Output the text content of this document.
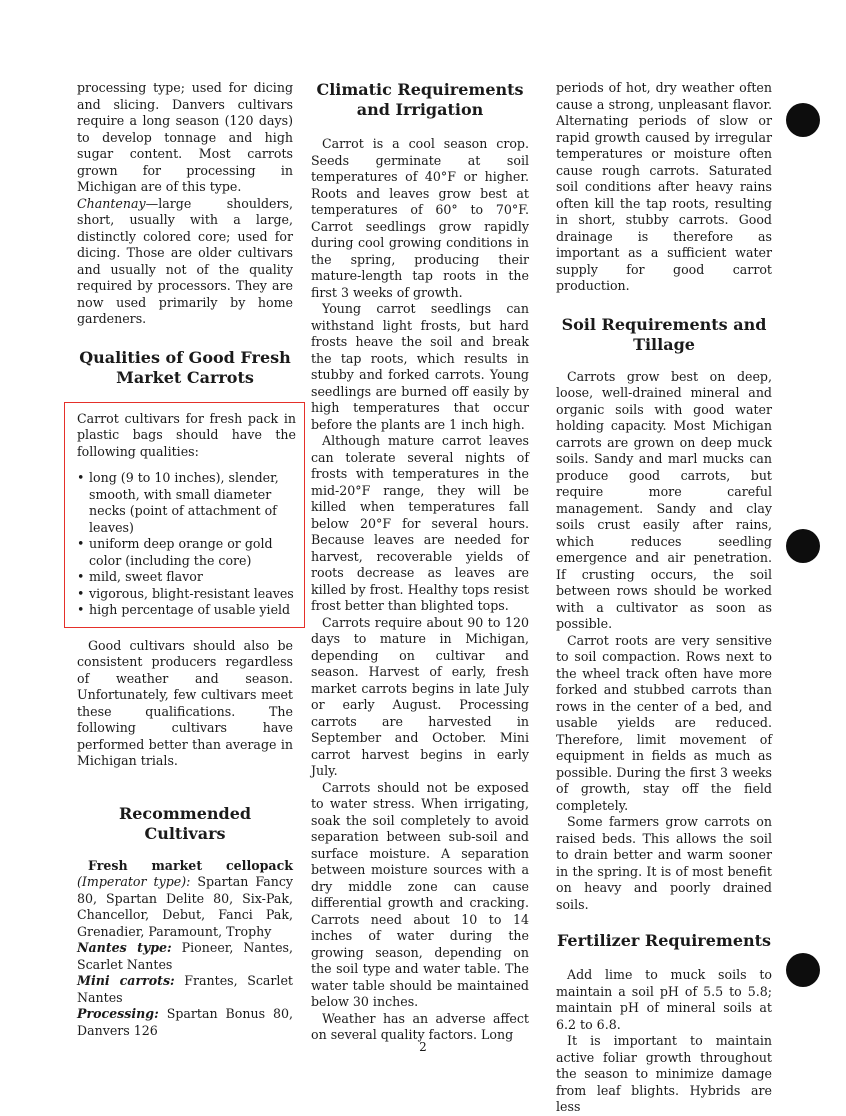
processing type; used for dicing and slicing. Danvers cultivars require a long season (120 days) to develop tonnage and high sugar content. Most carrots grown for processing in Michigan are of this type.

Chantenay—large shoulders, short, usually with a large, distinctly colored core; used for dicing. Those are older cultivars and usually not of the quality required by processors. They are now used primarily by home gardeners.

Qualities of Good Fresh Market Carrots

Carrot cultivars for fresh pack in plastic bags should have the following qualities:

• long (9 to 10 inches), slender, smooth, with small diameter necks (point of attachment of leaves)
• uniform deep orange or gold color (including the core)
• mild, sweet flavor
• vigorous, blight-resistant leaves
• high percentage of usable yield

Good cultivars should also be consistent producers regardless of weather and season. Unfortunately, few cultivars meet these qualifications. The following cultivars have performed better than average in Michigan trials.

Recommended Cultivars

Fresh market cellopack (Imperator type): Spartan Fancy 80, Spartan Delite 80, Six-Pak, Chancellor, Debut, Fanci Pak, Grenadier, Paramount, Trophy

Nantes type: Pioneer, Nantes, Scarlet Nantes

Mini carrots: Frantes, Scarlet Nantes

Processing: Spartan Bonus 80, Danvers 126

Climatic Requirements and Irrigation

Carrot is a cool season crop. Seeds germinate at soil temperatures of 40°F or higher. Roots and leaves grow best at temperatures of 60° to 70°F. Carrot seedlings grow rapidly during cool growing conditions in the spring, producing their mature-length tap roots in the first 3 weeks of growth.

Young carrot seedlings can withstand light frosts, but hard frosts heave the soil and break the tap roots, which results in stubby and forked carrots. Young seedlings are burned off easily by high temperatures that occur before the plants are 1 inch high.

Although mature carrot leaves can tolerate several nights of frosts with temperatures in the mid-20°F range, they will be killed when temperatures fall below 20°F for several hours. Because leaves are needed for harvest, recoverable yields of roots decrease as leaves are killed by frost. Healthy tops resist frost better than blighted tops.

Carrots require about 90 to 120 days to mature in Michigan, depending on cultivar and season. Harvest of early, fresh market carrots begins in late July or early August. Processing carrots are harvested in September and October. Mini carrot harvest begins in early July.

Carrots should not be exposed to water stress. When irrigating, soak the soil completely to avoid separation between sub-soil and surface moisture. A separation between moisture sources with a dry middle zone can cause differential growth and cracking. Carrots need about 10 to 14 inches of water during the growing season, depending on the soil type and water table. The water table should be maintained below 30 inches.

Weather has an adverse affect on several quality factors. Long

periods of hot, dry weather often cause a strong, unpleasant flavor. Alternating periods of slow or rapid growth caused by irregular temperatures or moisture often cause rough carrots. Saturated soil conditions after heavy rains often kill the tap roots, resulting in short, stubby carrots. Good drainage is therefore as important as a sufficient water supply for good carrot production.

Soil Requirements and Tillage

Carrots grow best on deep, loose, well-drained mineral and organic soils with good water holding capacity. Most Michigan carrots are grown on deep muck soils. Sandy and marl mucks can produce good carrots, but require more careful management. Sandy and clay soils crust easily after rains, which reduces seedling emergence and air penetration. If crusting occurs, the soil between rows should be worked with a cultivator as soon as possible.

Carrot roots are very sensitive to soil compaction. Rows next to the wheel track often have more forked and stubbed carrots than rows in the center of a bed, and usable yields are reduced. Therefore, limit movement of equipment in fields as much as possible. During the first 3 weeks of growth, stay off the field completely.

Some farmers grow carrots on raised beds. This allows the soil to drain better and warm sooner in the spring. It is of most benefit on heavy and poorly drained soils.

Fertilizer Requirements

Add lime to muck soils to maintain a soil pH of 5.5 to 5.8; maintain pH of mineral soils at 6.2 to 6.8.

It is important to maintain active foliar growth throughout the season to minimize damage from leaf blights. Hybrids are less

2
